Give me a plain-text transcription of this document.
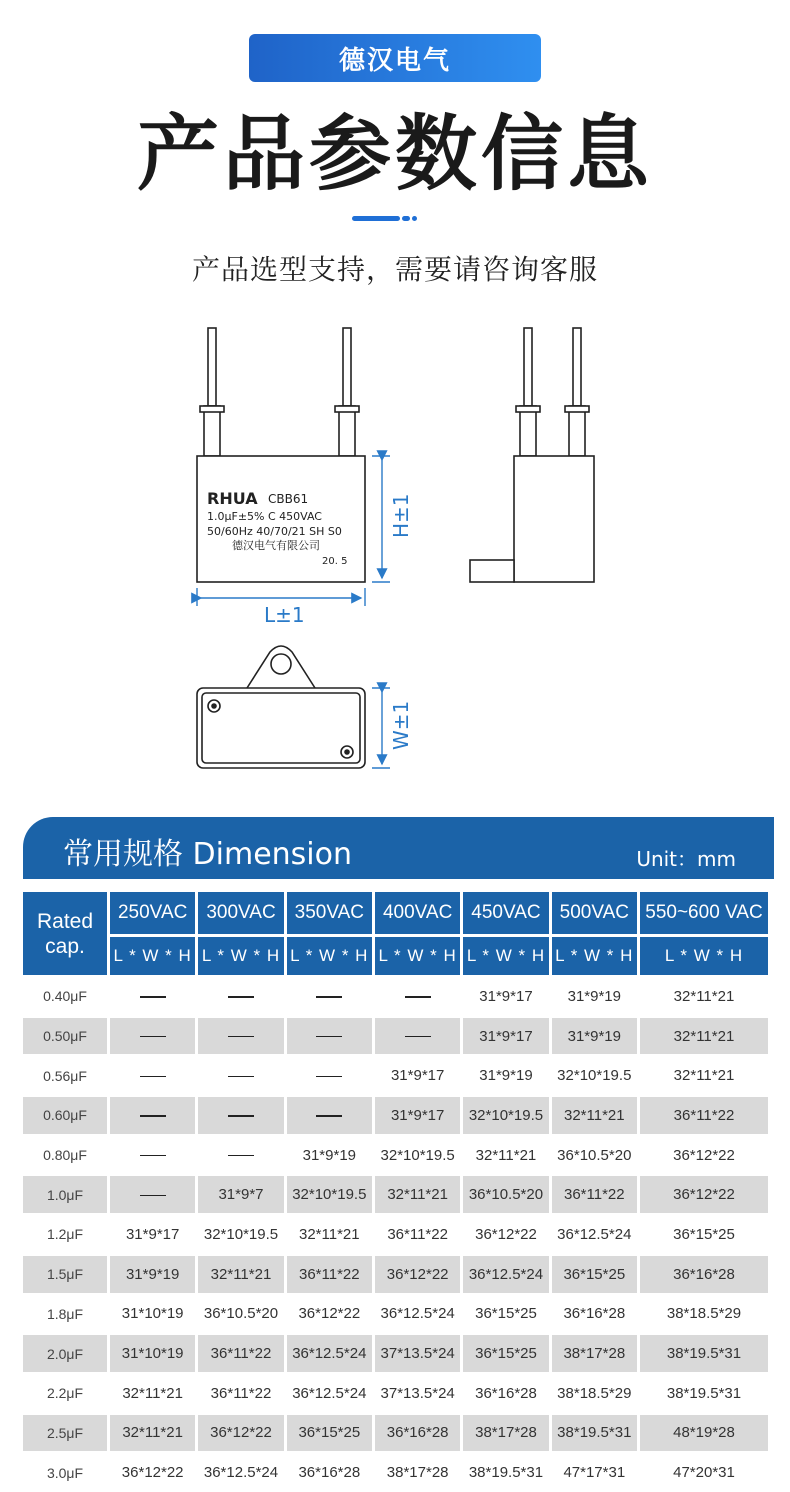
德汉电气
产品参数信息
产品选型支持，需要请咨询客服
RHUA CBB61
1.0μF±5% C 450VAC
50/60Hz 40/70/21 SH S0
德汉电气有限公司
20. 5
L±1
H±1
W±1
常用规格 Dimension	Unit：mm
Rated cap.	250VAC	300VAC	350VAC	400VAC	450VAC	500VAC	550~600 VAC
	L * W * H	L * W * H	L * W * H	L * W * H	L * W * H	L * W * H	L * W * H
0.40μF					31*9*17	31*9*19	32*11*21
0.50μF					31*9*17	31*9*19	32*11*21
0.56μF				31*9*17	31*9*19	32*10*19.5	32*11*21
0.60μF				31*9*17	32*10*19.5	32*11*21	36*11*22
0.80μF			31*9*19	32*10*19.5	32*11*21	36*10.5*20	36*12*22
1.0μF		31*9*7	32*10*19.5	32*11*21	36*10.5*20	36*11*22	36*12*22
1.2μF	31*9*17	32*10*19.5	32*11*21	36*11*22	36*12*22	36*12.5*24	36*15*25
1.5μF	31*9*19	32*11*21	36*11*22	36*12*22	36*12.5*24	36*15*25	36*16*28
1.8μF	31*10*19	36*10.5*20	36*12*22	36*12.5*24	36*15*25	36*16*28	38*18.5*29
2.0μF	31*10*19	36*11*22	36*12.5*24	37*13.5*24	36*15*25	38*17*28	38*19.5*31
2.2μF	32*11*21	36*11*22	36*12.5*24	37*13.5*24	36*16*28	38*18.5*29	38*19.5*31
2.5μF	32*11*21	36*12*22	36*15*25	36*16*28	38*17*28	38*19.5*31	48*19*28
3.0μF	36*12*22	36*12.5*24	36*16*28	38*17*28	38*19.5*31	47*17*31	47*20*31
